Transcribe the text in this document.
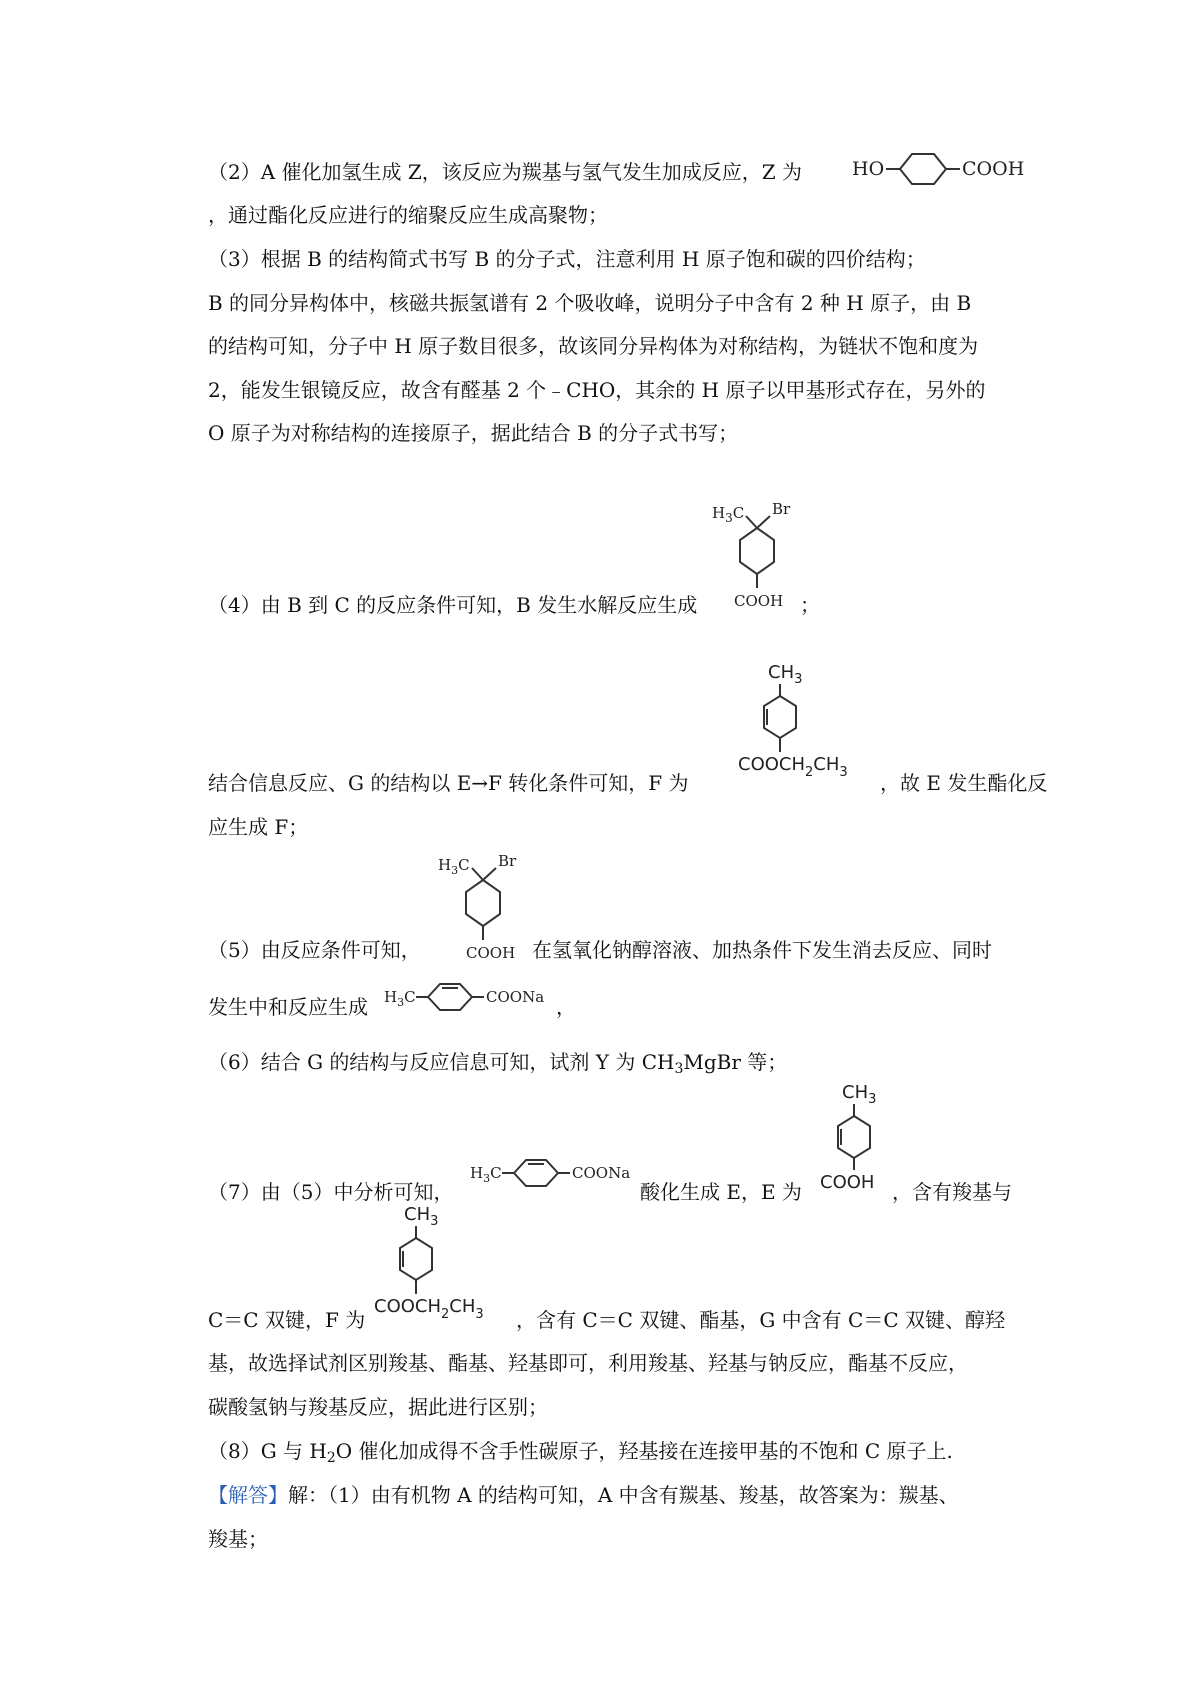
（2）A 催化加氢生成 Z，该反应为羰基与氢气发生加成反应，Z 为	HO	COOH
，通过酯化反应进行的缩聚反应生成高聚物；
（3）根据 B 的结构简式书写 B 的分子式，注意利用 H 原子饱和碳的四价结构；
B 的同分异构体中，核磁共振氢谱有 2 个吸收峰，说明分子中含有 2 种 H 原子，由 B
的结构可知，分子中 H 原子数目很多，故该同分异构体为对称结构，为链状不饱和度为
2，能发生银镜反应，故含有醛基 2 个﹣CHO，其余的 H 原子以甲基形式存在，另外的
O 原子为对称结构的连接原子，据此结合 B 的分子式书写；
$H_3C$ Br
COOH
（4）由 B 到 C 的反应条件可知，B 发生水解反应生成	；
$CH_3$
$COOCH_2CH_3$
结合信息反应、G 的结构以 E→F 转化条件可知，F 为	，故 E 发生酯化反
应生成 F；
$H_3C$ Br
COOH
（5）由反应条件可知，	在氢氧化钠醇溶液、加热条件下发生消去反应、同时
$H_3C$	COONa
发生中和反应生成	，
（6）结合 G 的结构与反应信息可知，试剂 Y 为 $CH_3MgBr$ 等；
$H_3C$	COONa
$CH_3$
COOH
（7）由（5）中分析可知，	酸化生成 E，E 为	，含有羧基与
$CH_3$
$COOCH_2CH_3$
C＝C 双键，F 为	，含有 C＝C 双键、酯基，G 中含有 C＝C 双键、醇羟
基，故选择试剂区别羧基、酯基、羟基即可，利用羧基、羟基与钠反应，酯基不反应，
碳酸氢钠与羧基反应，据此进行区别；
（8）G 与 $H_2O$ 催化加成得不含手性碳原子，羟基接在连接甲基的不饱和 C 原子上.
【解答】解：（1）由有机物 A 的结构可知，A 中含有羰基、羧基，故答案为：羰基、
羧基；
